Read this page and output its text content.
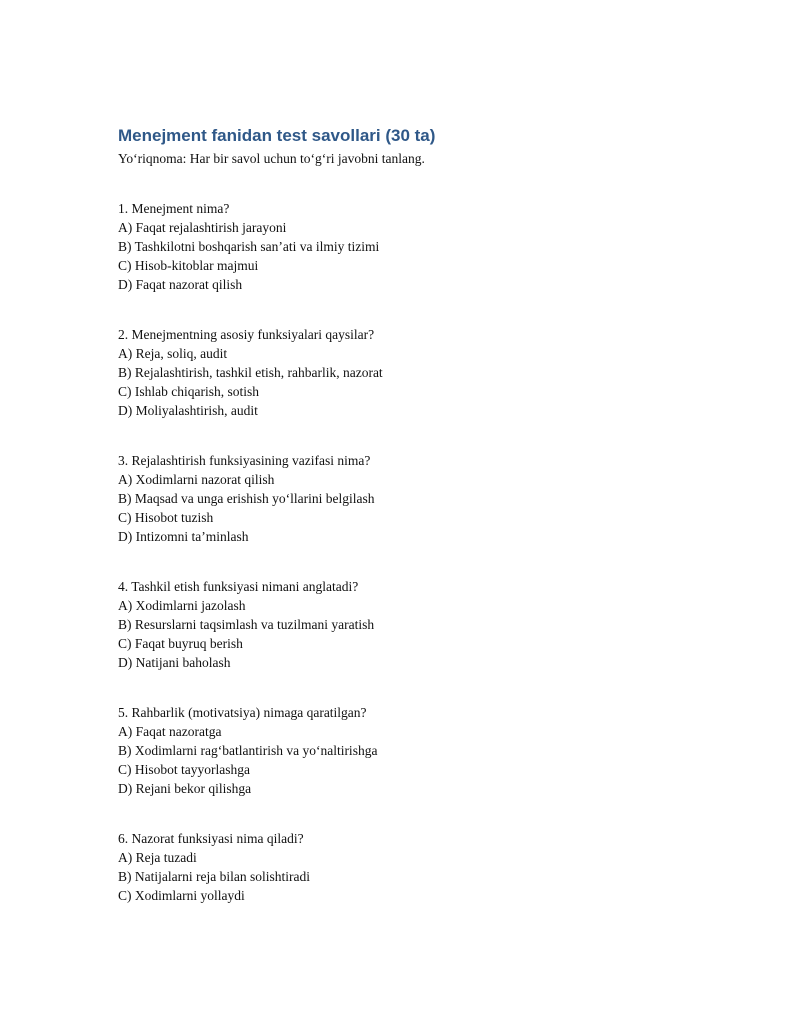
Menejment fanidan test savollari (30 ta)
Yo‘riqnoma: Har bir savol uchun to‘g‘ri javobni tanlang.
1. Menejment nima?
A) Faqat rejalashtirish jarayoni
B) Tashkilotni boshqarish san’ati va ilmiy tizimi
C) Hisob-kitoblar majmui
D) Faqat nazorat qilish
2. Menejmentning asosiy funksiyalari qaysilar?
A) Reja, soliq, audit
B) Rejalashtirish, tashkil etish, rahbarlik, nazorat
C) Ishlab chiqarish, sotish
D) Moliyalashtirish, audit
3. Rejalashtirish funksiyasining vazifasi nima?
A) Xodimlarni nazorat qilish
B) Maqsad va unga erishish yo‘llarini belgilash
C) Hisobot tuzish
D) Intizomni ta’minlash
4. Tashkil etish funksiyasi nimani anglatadi?
A) Xodimlarni jazolash
B) Resurslarni taqsimlash va tuzilmani yaratish
C) Faqat buyruq berish
D) Natijani baholash
5. Rahbarlik (motivatsiya) nimaga qaratilgan?
A) Faqat nazoratga
B) Xodimlarni rag‘batlantirish va yo‘naltirishga
C) Hisobot tayyorlashga
D) Rejani bekor qilishga
6. Nazorat funksiyasi nima qiladi?
A) Reja tuzadi
B) Natijalarni reja bilan solishtiradi
C) Xodimlarni yollaydi
